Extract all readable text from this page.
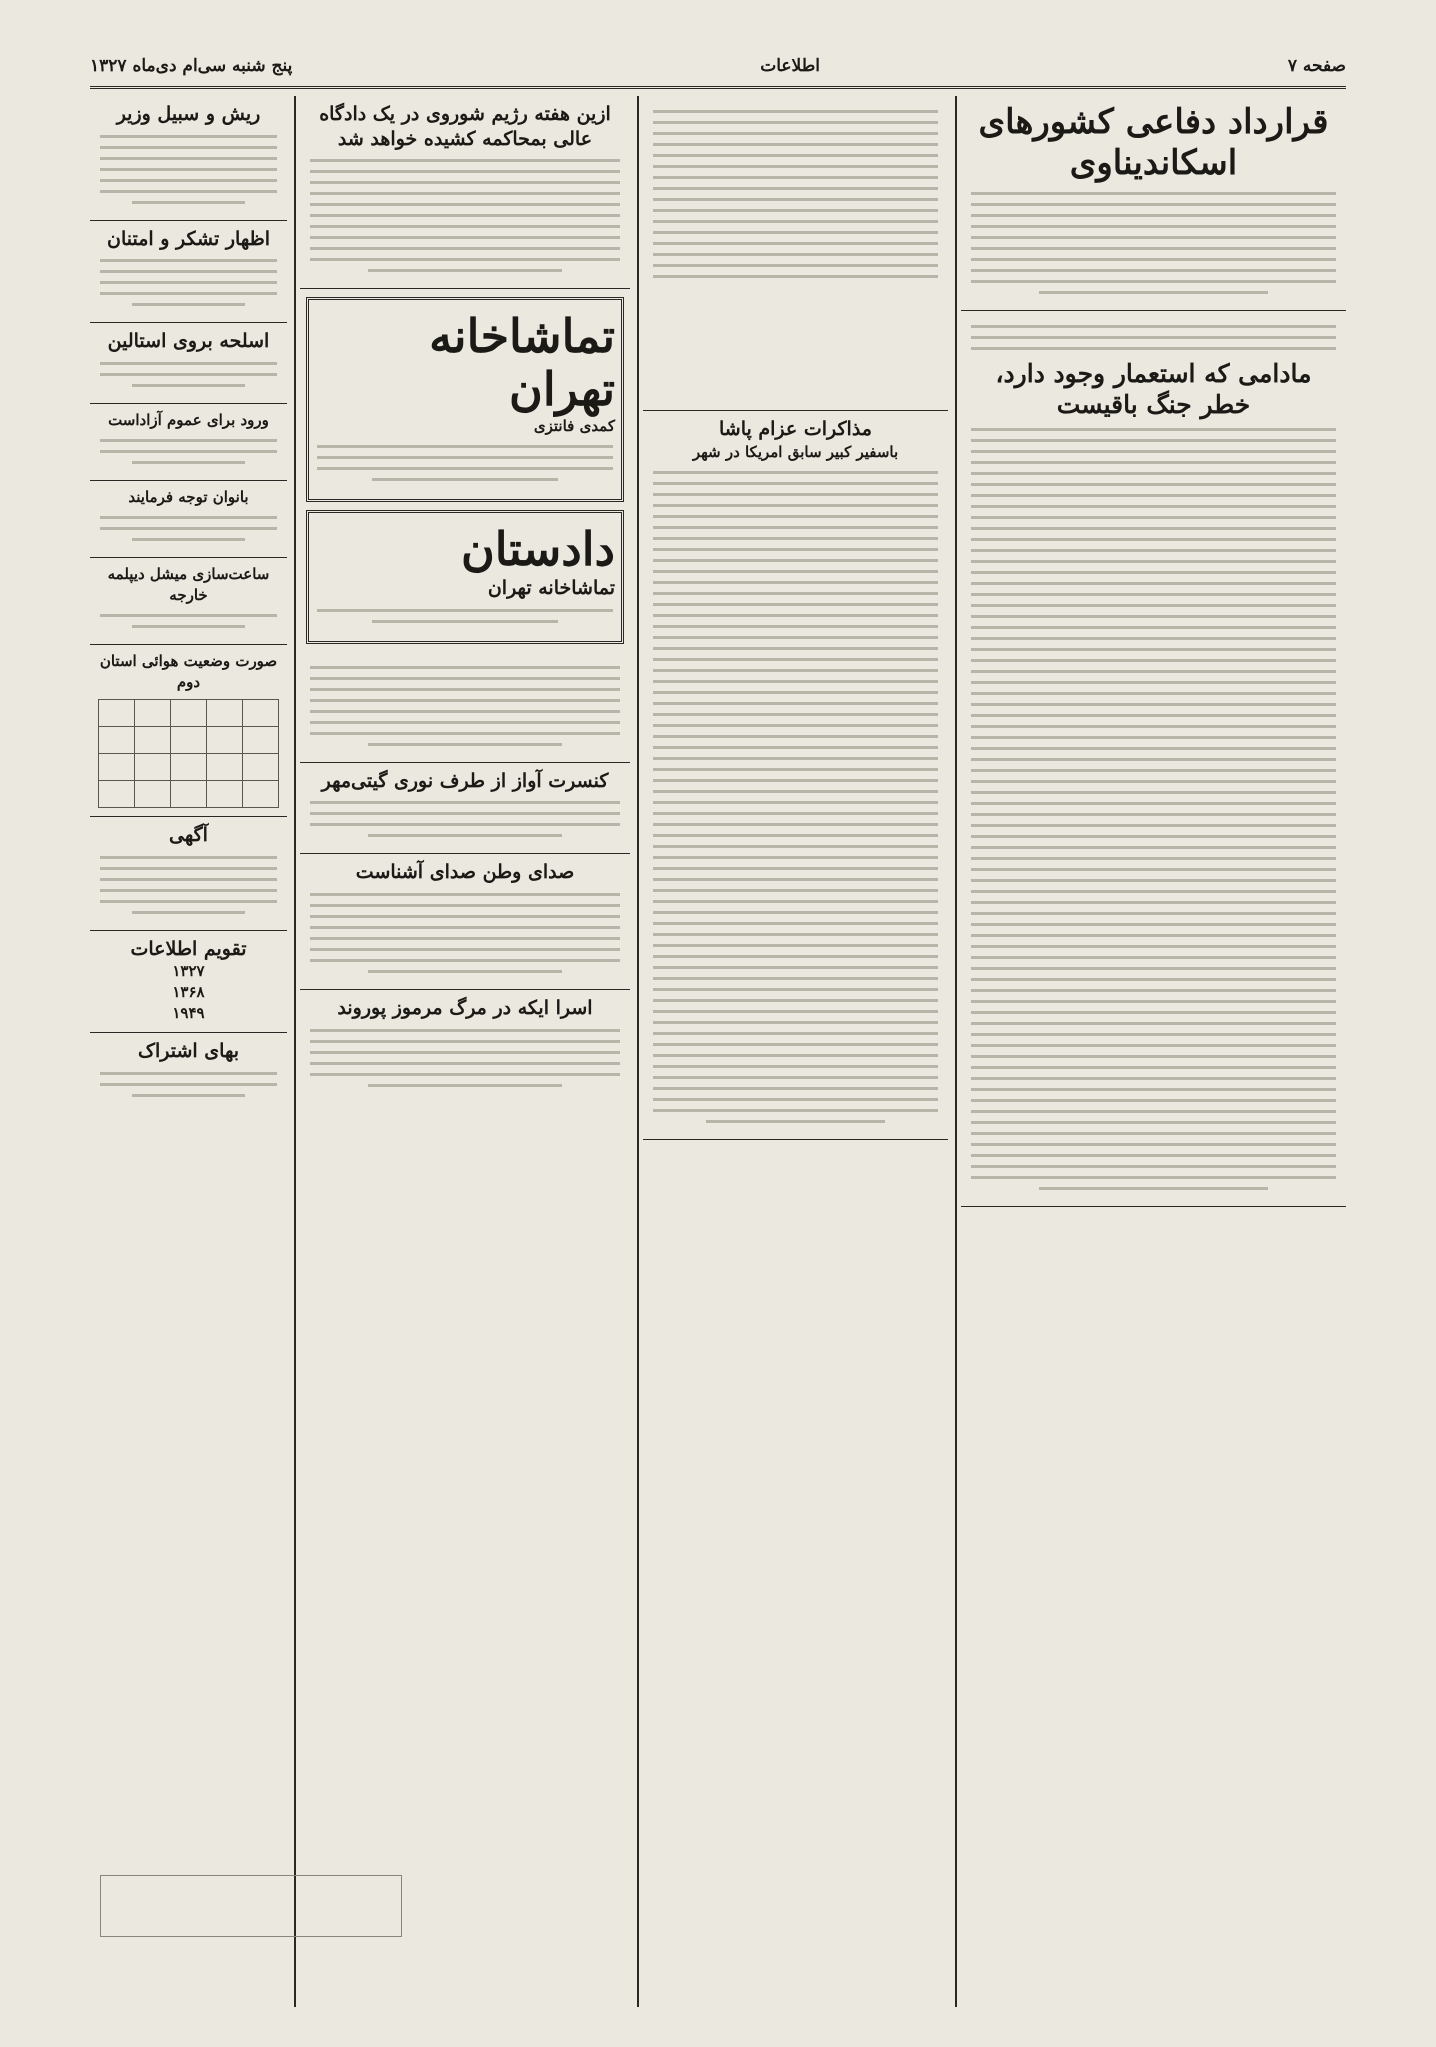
صفحه ۷
اطلاعات
پنج شنبه سی‌ام دی‌ماه ۱۳۲۷
قرارداد دفاعی کشورهای اسکاندیناوی
مادامی که استعمار وجود دارد، خطر جنگ باقیست
مذاکرات عزام پاشا
باسفیر کبیر سابق امریکا در شهر
ازین هفته رژیم شوروی در یک دادگاه عالی بمحاکمه کشیده خواهد شد
تماشاخانه تهران
کمدی فانتزی
دادستان
تماشاخانه تهران
کنسرت آواز از طرف نوری گیتی‌مهر
صدای وطن صدای آشناست
اسرا ایکه در مرگ مرموز پوروند
ریش و سبیل وزیر
اظهار تشکر و امتنان
اسلحه بروی استالین
ورود برای عموم آزاداست
بانوان توجه فرمایند
ساعت‌سازی میشل دیپلمه خارجه
صورت وضعیت هوائی استان دوم

آگهی
تقویم اطلاعات
۱۳۲۷
۱۳۶۸
۱۹۴۹
بهای اشتراک
